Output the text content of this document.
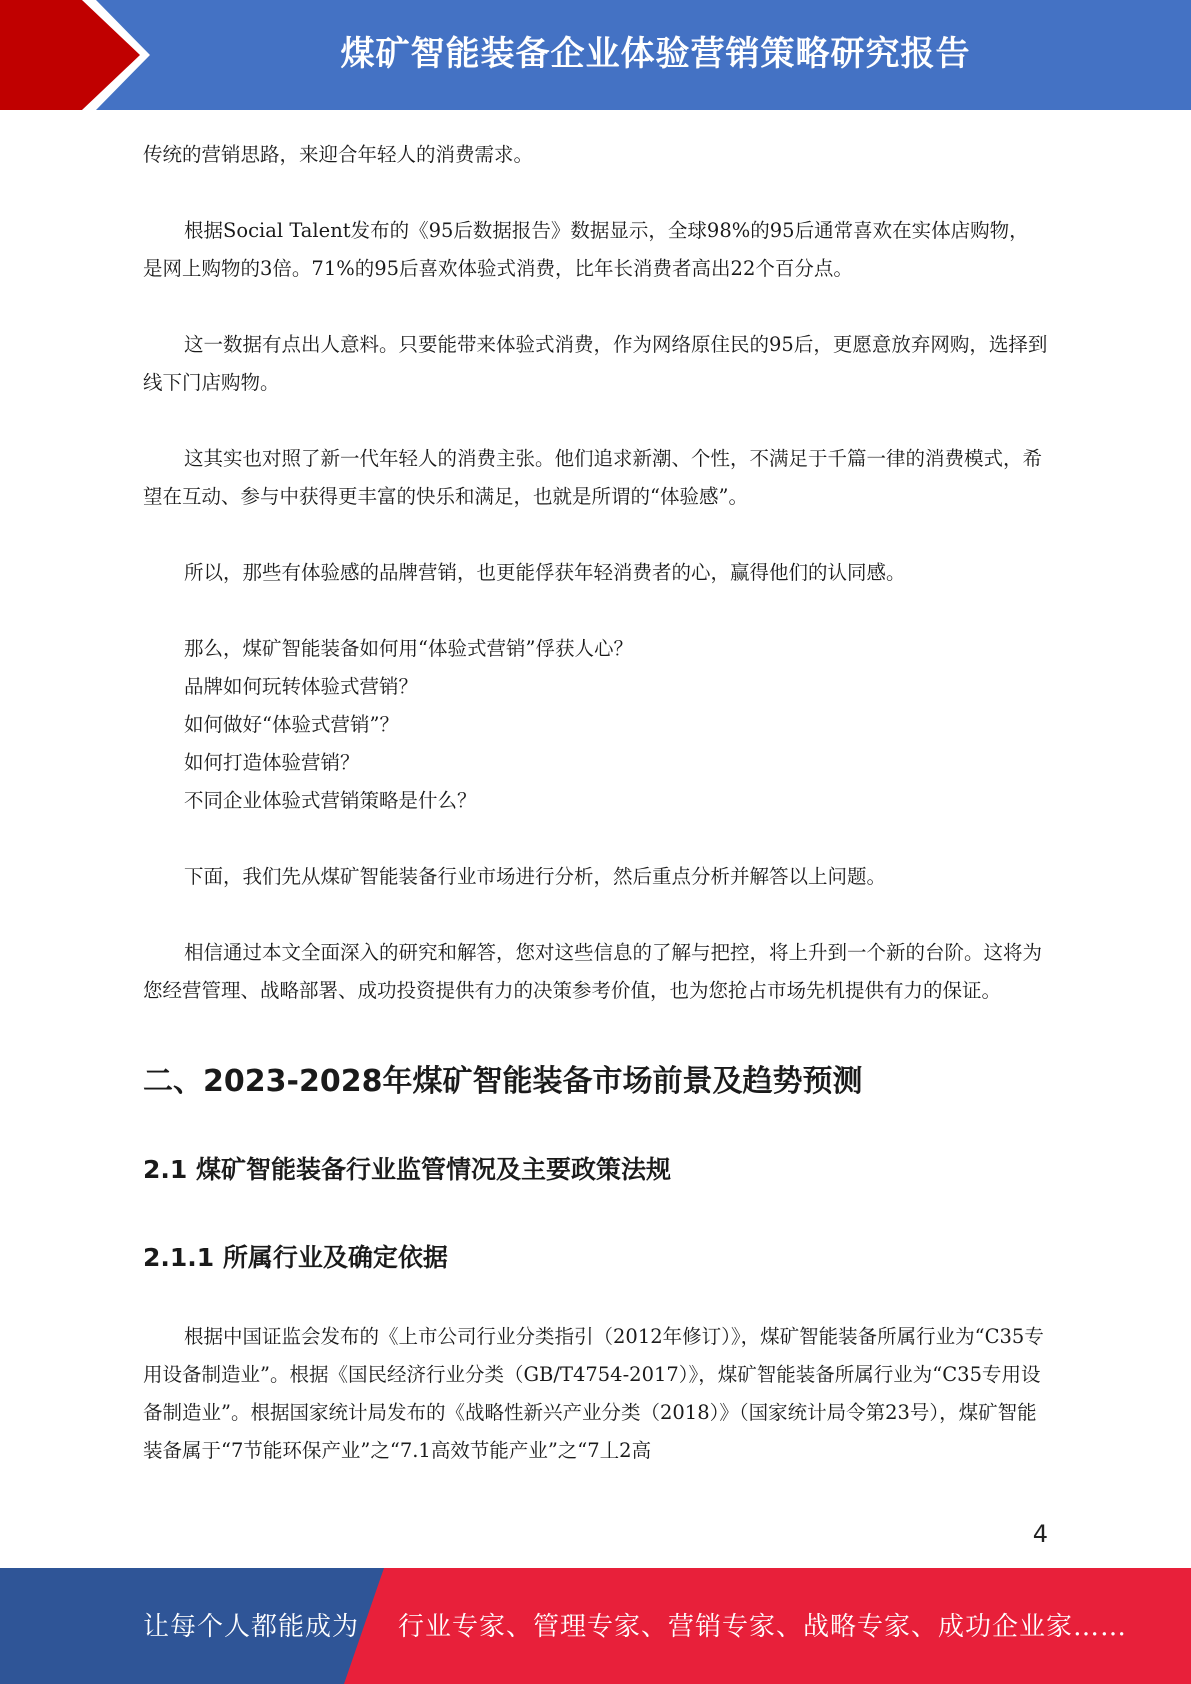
煤矿智能装备企业体验营销策略研究报告

传统的营销思路，来迎合年轻人的消费需求。

根据Social Talent发布的《95后数据报告》数据显示，全球98%的95后通常喜欢在实体店购物，是网上购物的3倍。71%的95后喜欢体验式消费，比年长消费者高出22个百分点。

这一数据有点出人意料。只要能带来体验式消费，作为网络原住民的95后，更愿意放弃网购，选择到线下门店购物。

这其实也对照了新一代年轻人的消费主张。他们追求新潮、个性，不满足于千篇一律的消费模式，希望在互动、参与中获得更丰富的快乐和满足，也就是所谓的“体验感”。

所以，那些有体验感的品牌营销，也更能俘获年轻消费者的心，赢得他们的认同感。

那么，煤矿智能装备如何用“体验式营销”俘获人心？

品牌如何玩转体验式营销？

如何做好“体验式营销”？

如何打造体验营销？

不同企业体验式营销策略是什么？

下面，我们先从煤矿智能装备行业市场进行分析，然后重点分析并解答以上问题。

相信通过本文全面深入的研究和解答，您对这些信息的了解与把控，将上升到一个新的台阶。这将为您经营管理、战略部署、成功投资提供有力的决策参考价值，也为您抢占市场先机提供有力的保证。

二、2023-2028年煤矿智能装备市场前景及趋势预测
2.1 煤矿智能装备行业监管情况及主要政策法规
2.1.1 所属行业及确定依据

根据中国证监会发布的《上市公司行业分类指引（2012年修订）》，煤矿智能装备所属行业为“C35专用设备制造业”。根据《国民经济行业分类（GB/T4754-2017）》，煤矿智能装备所属行业为“C35专用设备制造业”。根据国家统计局发布的《战略性新兴产业分类（2018）》（国家统计局令第23号），煤矿智能装备属于“7节能环保产业”之“7.1高效节能产业”之“7丄2高

4
让每个人都能成为 行业专家、管理专家、营销专家、战略专家、成功企业家……
